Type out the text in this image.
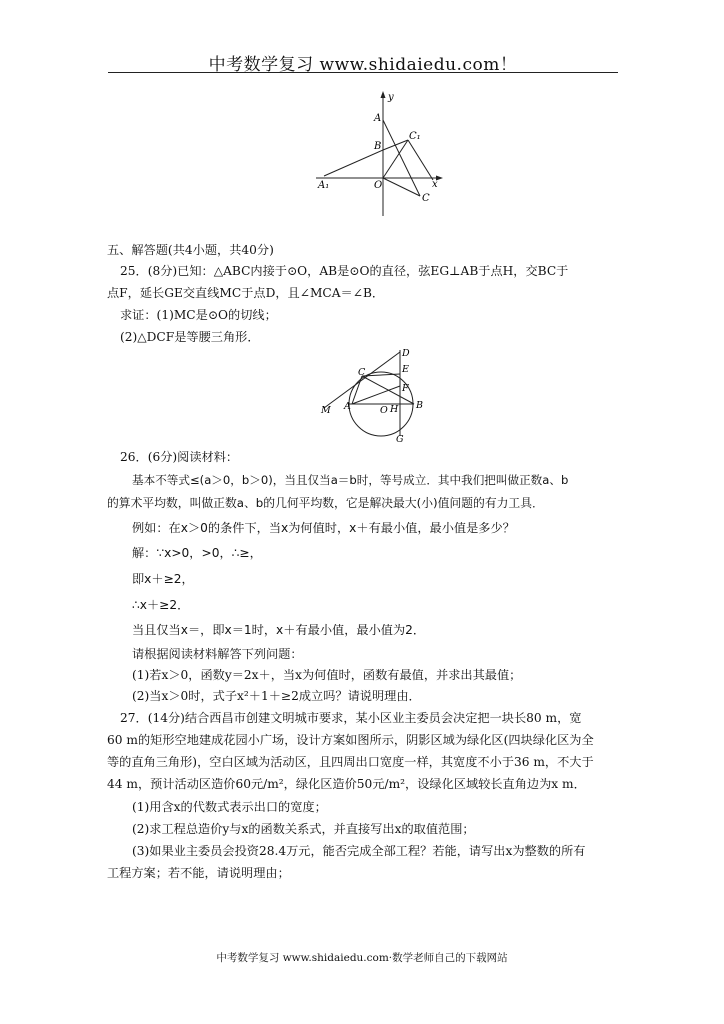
中考数学复习 www.shidaiedu.com！
y
A
C₁
B
A₁	O	x
C
五、解答题(共4小题，共40分)
25．(8分)已知：△ABC内接于⊙O，AB是⊙O的直径，弦EG⊥AB于点H，交BC于
点F，延长GE交直线MC于点D，且∠MCA＝∠B．
求证：(1)MC是⊙O的切线；
(2)△DCF是等腰三角形．
D
C	E
F
A	O H B
M
G
26．(6分)阅读材料：
基本不等式≤(a＞0，b＞0)，当且仅当a＝b时，等号成立．其中我们把叫做正数a、b
的算术平均数，叫做正数a、b的几何平均数，它是解决最大(小)值问题的有力工具．
例如：在x＞0的条件下，当x为何值时，x＋有最小值，最小值是多少？
解：∵x>0，>0，∴≥，
即x＋≥2，
∴x＋≥2．
当且仅当x＝，即x＝1时，x＋有最小值，最小值为2．
请根据阅读材料解答下列问题：
(1)若x＞0，函数y＝2x＋，当x为何值时，函数有最值，并求出其最值；
(2)当x＞0时，式子x²＋1＋≥2成立吗？请说明理由．
27．(14分)结合西昌市创建文明城市要求，某小区业主委员会决定把一块长80 m，宽
60 m的矩形空地建成花园小广场，设计方案如图所示，阴影区域为绿化区(四块绿化区为全
等的直角三角形)，空白区域为活动区，且四周出口宽度一样，其宽度不小于36 m，不大于
44 m，预计活动区造价60元/m²，绿化区造价50元/m²，设绿化区域较长直角边为x m．
(1)用含x的代数式表示出口的宽度；
(2)求工程总造价y与x的函数关系式，并直接写出x的取值范围；
(3)如果业主委员会投资28.4万元，能否完成全部工程？若能，请写出x为整数的所有
工程方案；若不能，请说明理由；
中考数学复习 www.shidaiedu.com·数学老师自己的下载网站
